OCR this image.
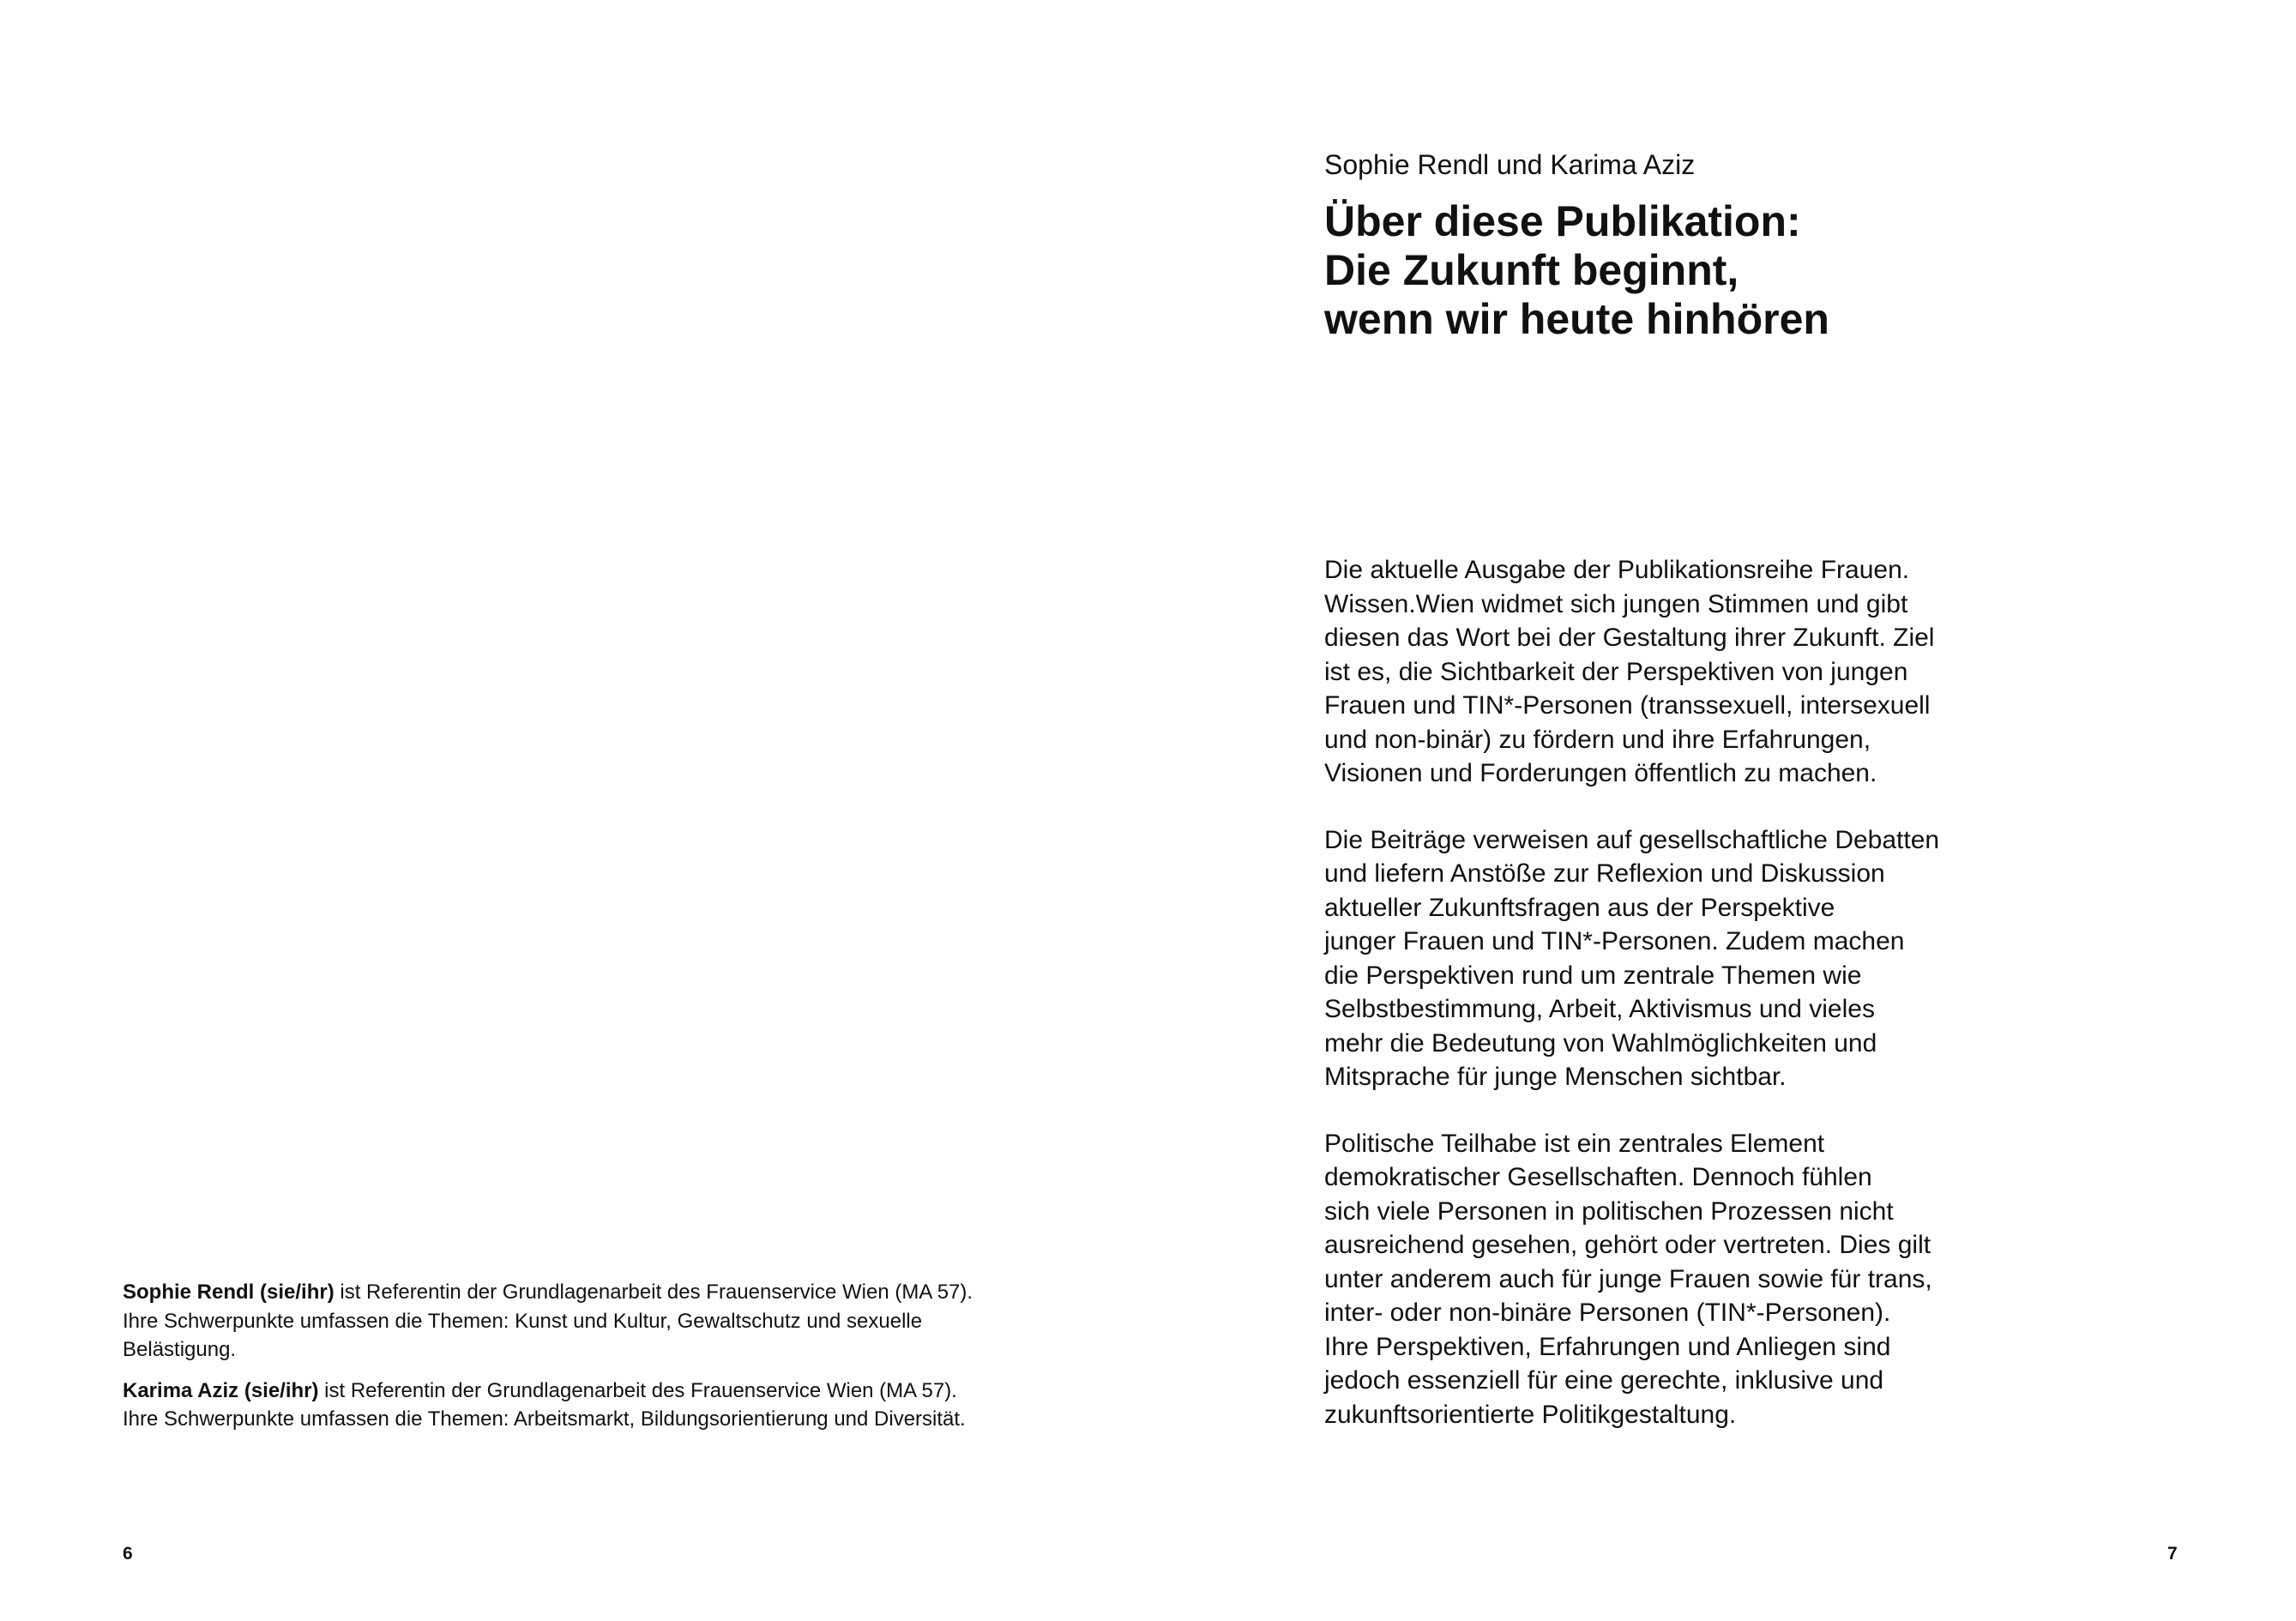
Sophie Rendl (sie/ihr) ist Referentin der Grundlagenarbeit des Frauenservice Wien (MA 57). Ihre Schwerpunkte umfassen die Themen: Kunst und Kultur, Gewaltschutz und sexuelle Belästigung.

Karima Aziz (sie/ihr) ist Referentin der Grundlagenarbeit des Frauenservice Wien (MA 57). Ihre Schwerpunkte umfassen die Themen: Arbeitsmarkt, Bildungsorientierung und Diversität.

6
Sophie Rendl und Karima Aziz
Über diese Publikation:
Die Zukunft beginnt,
wenn wir heute hinhören

Die aktuelle Ausgabe der Publikationsreihe Frauen.
Wissen.Wien widmet sich jungen Stimmen und gibt
diesen das Wort bei der Gestaltung ihrer Zukunft. Ziel
ist es, die Sichtbarkeit der Perspektiven von jungen
Frauen und TIN*-Personen (transsexuell, intersexuell
und non-binär) zu fördern und ihre Erfahrungen,
Visionen und Forderungen öffentlich zu machen.

Die Beiträge verweisen auf gesellschaftliche Debatten
und liefern Anstöße zur Reflexion und Diskussion
aktueller Zukunftsfragen aus der Perspektive
junger Frauen und TIN*-Personen. Zudem machen
die Perspektiven rund um zentrale Themen wie
Selbstbestimmung, Arbeit, Aktivismus und vieles
mehr die Bedeutung von Wahlmöglichkeiten und
Mitsprache für junge Menschen sichtbar.

Politische Teilhabe ist ein zentrales Element
demokratischer Gesellschaften. Dennoch fühlen
sich viele Personen in politischen Prozessen nicht
ausreichend gesehen, gehört oder vertreten. Dies gilt
unter anderem auch für junge Frauen sowie für trans,
inter- oder non-binäre Personen (TIN*-Personen).
Ihre Perspektiven, Erfahrungen und Anliegen sind
jedoch essenziell für eine gerechte, inklusive und
zukunftsorientierte Politikgestaltung.

7
